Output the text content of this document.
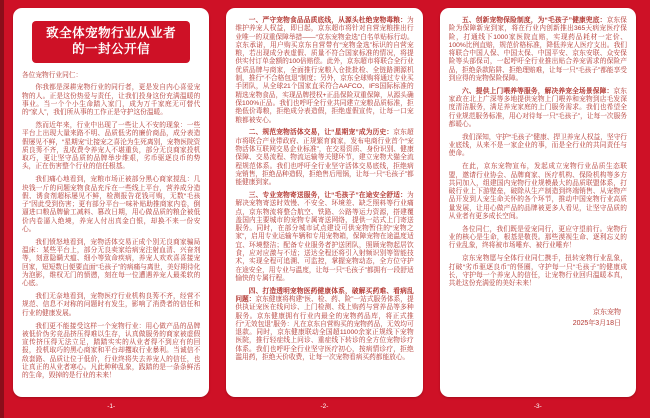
致全体宠物行业从业者
的一封公开信
各位宠物行业同仁：

你我都是深耕宠物行业的同行者，更是发自内心喜爱宠物的人。正是这份热爱与责任，让我们投身这份充满温暖的事业。当一个个小生命踏入家门，成为万千家庭无可替代的“家人”，我们所从事的工作正是守护这份温暖。

然而近年来，行业中出现了一些让人不安的现象：一些平台上出现大量来路不明、品质低劣的廉价商品，成分表造假屡见不鲜，“星期宠”让接宠之喜沦为生死离别，宠物医院资质良莠不齐，乱收费令养宠人不堪重负，部分无良商家投机取巧，更让坚守品质的品牌举步维艰，劣币驱逐良币的势头，正在伤害整个行业的信任根基。

我们痛心地看到，宠粮市场正被部分黑心商家搅乱：几块钱一斤的问题宠物食品充斥在一些线上平台，营养成分造假、诱食剂超标屡见不鲜，检测报告花钱可购，无数“毛孩子”因此受到伤害；更有部分平台一味补贴助推商家内卷，倒逼进口粮品牌偷工减料、篡改日期，用心做品质的粮企被低价内卷逼入绝境，养宠人付出真金白银，却换不来一份安心。

我们愤怒地看到，宠物活体交易正成个别无良商家骗局温床：某些平台上，部分无良卖家给病宠注射血清、兴奋剂等，刻意隐瞒犬瘟、细小等致命疾病，养宠人欢欢喜喜接宠回家，短短数日便要直面“毛孩子”的病痛与离世，美好期待化为泡影，维权无门的愤懑，刻在每一位遭遇养宠人最柔软的心底。

我们无奈地看到，宠物医疗行业机构良莠不齐，经营不规范、信息不对称的问题时有发生，影响了消费者的信任和行业的健康发展。

我们更不能接受这样一个宠物行业：用心做产品的品牌被低价伪劣竞品挤压得难以生存，认真做服务的商家被虚假宣传挤压得无法立足，踏踏实实的从业者得不到应有的回报，投机取巧的黑心商家和平台却攫取行业暴利。当诚信不敌套路、品质让位于低价，行业终将失去养宠人的信任，也让真正的从业者寒心。凡此种种乱象，践踏的是一条条鲜活的生命，毁掉的是行业的未来！

一、严守宠物食品品质底线，从源头杜绝宠物毒粮：为维护养宠人权益，即日起，京东超市将针对自营宠粮推出行业唯一的双重保障举措——“京东宠物金选”白名单贴标行动。京东承诺，用户购买京东自营带有“宠物金选”标识的自营宠粮，若出现成分表虚假、质量不符合国家标准的情况，将提供实付订单金额的100倍赔偿。此外，京东超市将联合全行业优质品牌与商家，全面推行宠粮入仓批批检、全链路溯源机制，推行“不合格包退”制度；另外，京东全球购将通过专业买手团队，从全球21个国家直采符合AAFCO、IFS国际标准的精选宠物食品，实现品牌授权+正品保险双重保障，从源头确保100%正品。我们也呼吁全行业共同建立宠粮品质标准，拒绝低价毒粮，拒绝成分表造假，拒绝虚假宣传，让每一口宠粮都被安心。

二、规范宠物活体交易，让“星期宠”成为历史：京东超市将联合产业带政府、正规繁育商家，发布电商行业首个“宠物活体互联网交易企业标准”，在交易资质、身份识别、健康保障、交易流程、物流运输等关键环节，建立宠物犬猫全流程规范体系。我们也呼吁全行业坚守活体交易底线，拒绝病宠销售，拒绝品种造假，拒绝售后甩锅，让每一只“毛孩子”都能健康到家。

三、专业宠物寄送服务，让“毛孩子”在途安全舒适：为解决宠物寄送时效慢、不安全、环境差、缺乏照料等行业痛点，京东物流将整合航空、铁路、公路等运力资源，搭建覆盖国内主要城市的宠物专属寄送网络，提供一站式上门寄送服务。同时，在部分城市试点建设可供宠物暂住的“宠物之家”，启用专业运输车辆和专用宠物箱，保障宠物在途温度适宜、环境整洁；配备专业服务者护送团队，照顾宠物起居饮食，应对应激与不适；送达全程还将引入射频识别等智能技术，实现全程可追溯、可监控，掌握宠物动态，全方位守护在途安全，用专业与温度，让每一只“毛孩子”都拥有一段舒适愉快的专属行程。

四、打造透明宠物医药健康体系，破解买药难、看病乱问题：京东健康将构建“医、检、药、险”一站式服务体系，提供执证宠医在线问诊、上门检测、线上购药与营养品等多种服务。京东健康拥有行业内最全的宠物药品库，将正式推行“无效包退”服务：凡在京东自营购买的宠物药品，无效均可退款。同时，京东健康联动全国超11000余家正规线下宠物医院，推行轻症线上问诊、重症线下转诊的全方位宠物诊疗体系。我们也呼吁全行业坚守医疗初心，按病情诊疗，拒绝滥用药，拒绝天价收费，让每一次宠物看病买药都能放心。

五、创新宠物保险制度，为“毛孩子”健康兜底：京东保险为保障新宠到家，将在行业内创新推出365天病宠医疗保险，打通线下1000家医院直赔，实现药品耗材一定价、100%比例直赔，规范价格标准，降低养宠人医疗支出。我们将联合中国人保、中国太保、中国平安、京东安联、众安保险等头部保司，一起呼吁全行业推出贴合养宠需求的保险产品，拒绝条款陷阱、拒绝理赔难，让每一只“毛孩子”都能享受到应得的宠物保险保障。

六、提供上门喂养等服务，解决养宠全场景保障：京东家政在北上广深等多地提供宠物上门喂养和宠物到店毛发深度清洁服务，满足养宠家庭的上门服务需求。我们也希望全行业规范服务标准，用心对待每一只“毛孩子”，让每一次服务都暖心。

我们深知，守护“毛孩子”健康、捍卫养宠人权益，坚守行业底线，从来不是一家企业的事，而是全行业的共同责任与使命。

在此，京东宠物宣布，发起成立宠物行业品质生态联盟，邀请行业协会、品牌商家、医疗机构、保险机构等多方共同加入，组建国内宠物行业规模最大的品质联盟体系，打破行业上下游壁垒，破除从生产制造到终端销售、从宠物产品开发到人宠生命关怀的各个环节，推动中国宠物行业高质量发展，让用心做产品的品牌被更多人看见，让坚守品质的从业者有更多成长空间。

各位同仁，我们既是爱宠同行，更应守望前行。宠物行业的核心是生命，根基是敬畏。那些漠视生命、逐利忘义的行业乱象，终将被市场唾弃、被行业唾弃！

京东宠物愿与全体行业同仁携手，扭转宠物行业乱象，打破“劣币驱逐良币”的怪圈，守护每一只“毛孩子”的健康成长，守护每一个养宠人的信任，让宠物行业回归温暖本真，共赴这份充满爱的美好未来！

京东宠物
2025年3月18日
-1-	-2-	-3-
